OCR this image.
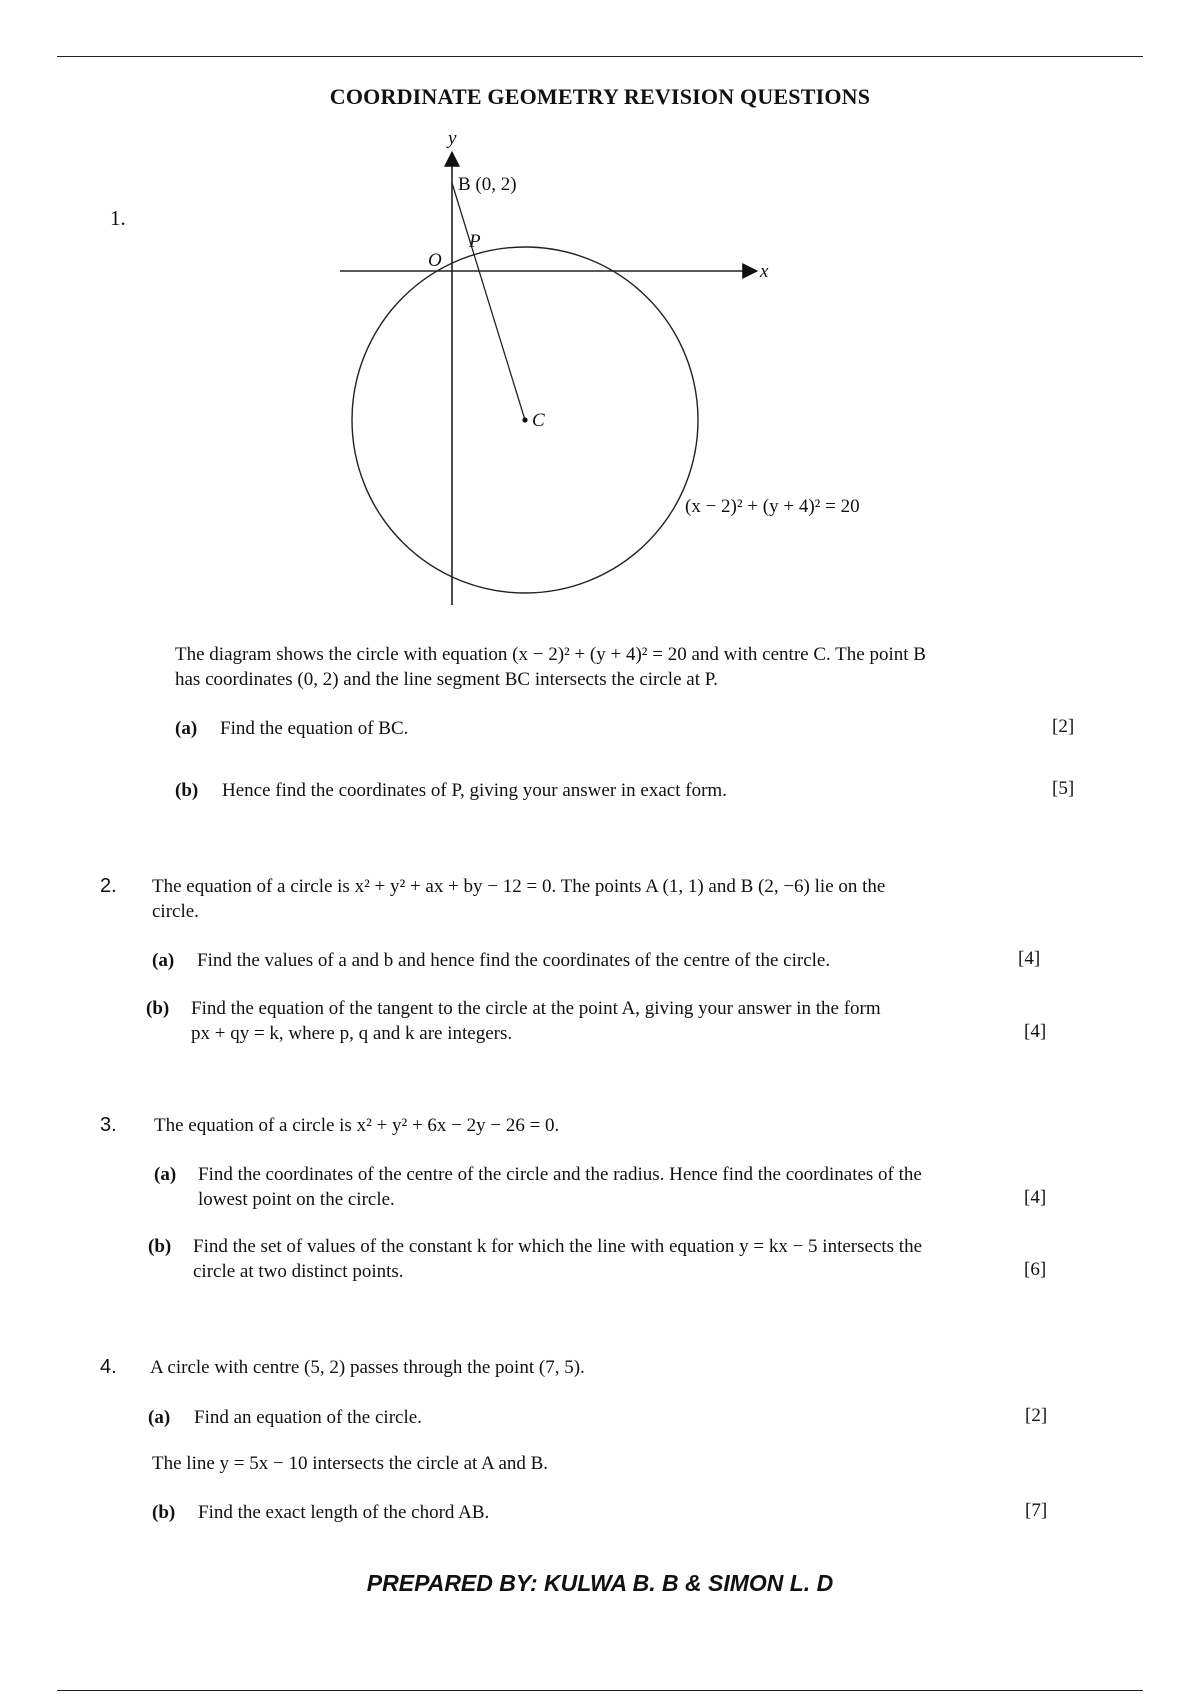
COORDINATE GEOMETRY REVISION QUESTIONS
1.
y
x
O
B (0, 2)
P
C
(x − 2)² + (y + 4)² = 20
The diagram shows the circle with equation (x − 2)² + (y + 4)² = 20 and with centre C. The point B
has coordinates (0, 2) and the line segment BC intersects the circle at P.
(a) Find the equation of BC.	[2]
(b) Hence find the coordinates of P, giving your answer in exact form.	[5]
2. The equation of a circle is x² + y² + ax + by − 12 = 0. The points A (1, 1) and B (2, −6) lie on the
circle.
(a) Find the values of a and b and hence find the coordinates of the centre of the circle.	[4]
(b) Find the equation of the tangent to the circle at the point A, giving your answer in the form
px + qy = k, where p, q and k are integers.	[4]
3. The equation of a circle is x² + y² + 6x − 2y − 26 = 0.
(a) Find the coordinates of the centre of the circle and the radius. Hence find the coordinates of the
lowest point on the circle.	[4]
(b) Find the set of values of the constant k for which the line with equation y = kx − 5 intersects the
circle at two distinct points.	[6]
4. A circle with centre (5, 2) passes through the point (7, 5).
(a) Find an equation of the circle.	[2]
The line y = 5x − 10 intersects the circle at A and B.
(b) Find the exact length of the chord AB.	[7]
PREPARED BY: KULWA B. B & SIMON L. D
